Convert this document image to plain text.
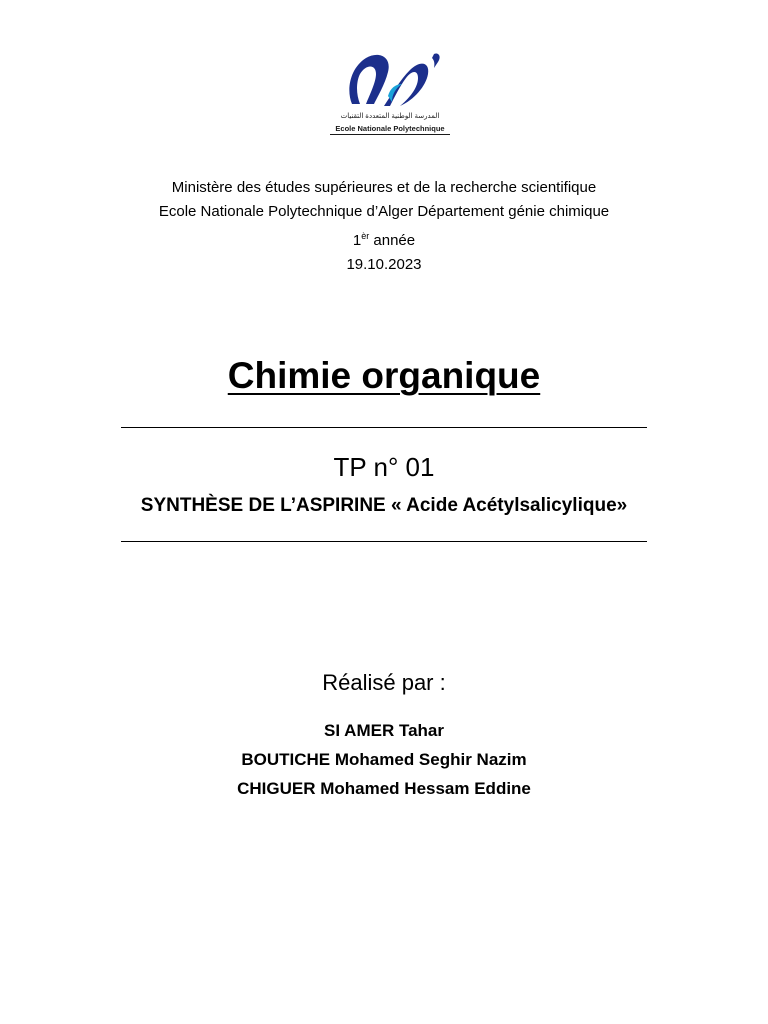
المدرسة الوطنية المتعددة التقنيات
Ecole Nationale Polytechnique
Ministère des études supérieures et de la recherche scientifique
Ecole Nationale Polytechnique d’Alger Département génie chimique
$1^{èr}$ année
19.10.2023
Chimie organique
TP n° 01
SYNTHÈSE DE L’ASPIRINE « Acide Acétylsalicylique»
Réalisé par :
SI AMER Tahar
BOUTICHE Mohamed Seghir Nazim
CHIGUER Mohamed Hessam Eddine
